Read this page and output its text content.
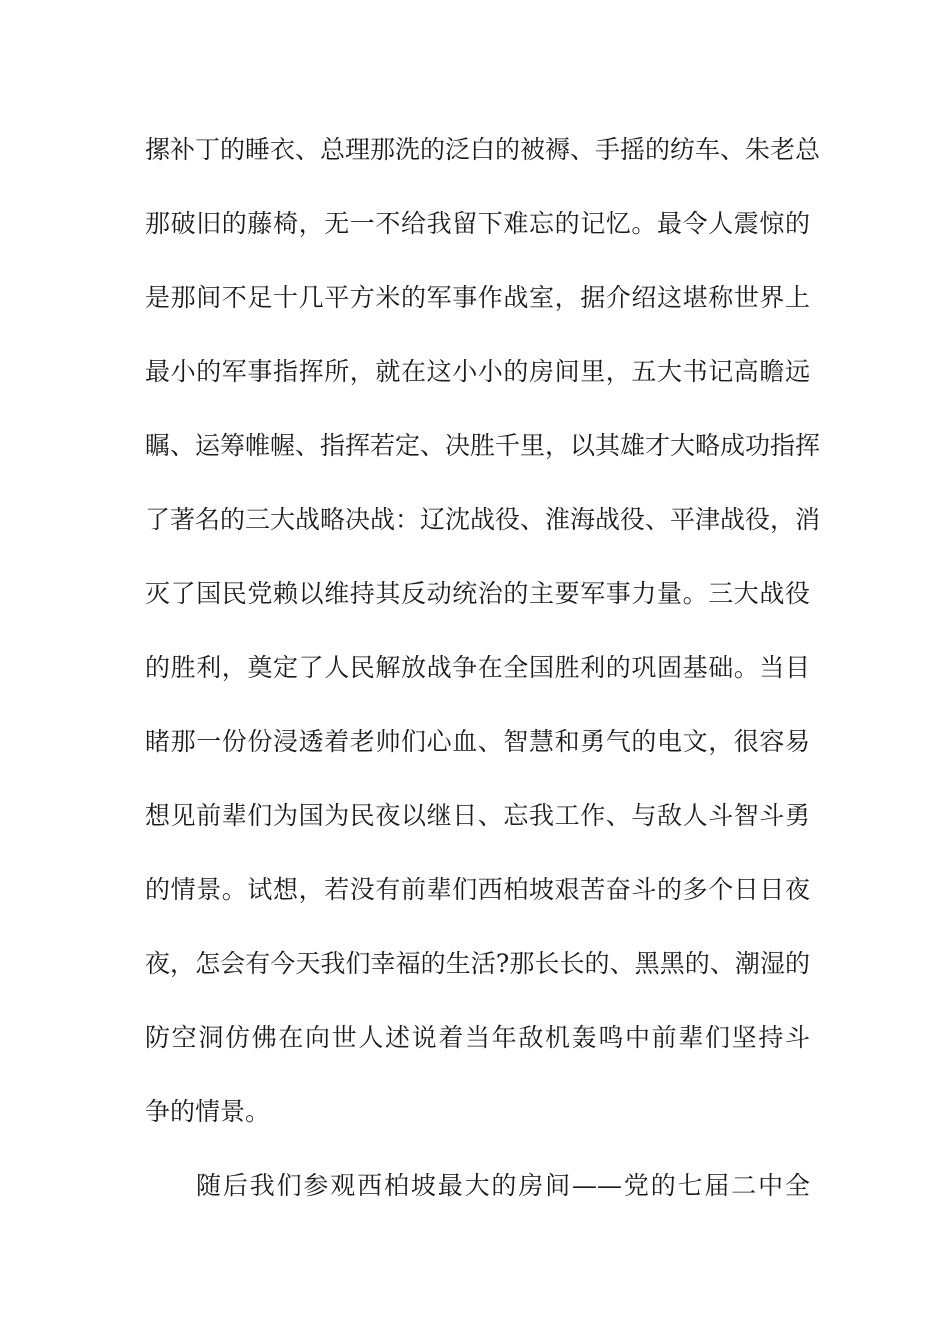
摞补丁的睡衣、总理那洗的泛白的被褥、手摇的纺车、朱老总
那破旧的藤椅，无一不给我留下难忘的记忆。最令人震惊的
是那间不足十几平方米的军事作战室，据介绍这堪称世界上
最小的军事指挥所，就在这小小的房间里，五大书记高瞻远
瞩、运筹帷幄、指挥若定、决胜千里，以其雄才大略成功指挥
了著名的三大战略决战：辽沈战役、淮海战役、平津战役，消
灭了国民党赖以维持其反动统治的主要军事力量。三大战役
的胜利，奠定了人民解放战争在全国胜利的巩固基础。当目
睹那一份份浸透着老帅们心血、智慧和勇气的电文，很容易
想见前辈们为国为民夜以继日、忘我工作、与敌人斗智斗勇
的情景。试想，若没有前辈们西柏坡艰苦奋斗的多个日日夜
夜，怎会有今天我们幸福的生活?那长长的、黑黑的、潮湿的
防空洞仿佛在向世人述说着当年敌机轰鸣中前辈们坚持斗
争的情景。
随后我们参观西柏坡最大的房间——党的七届二中全
